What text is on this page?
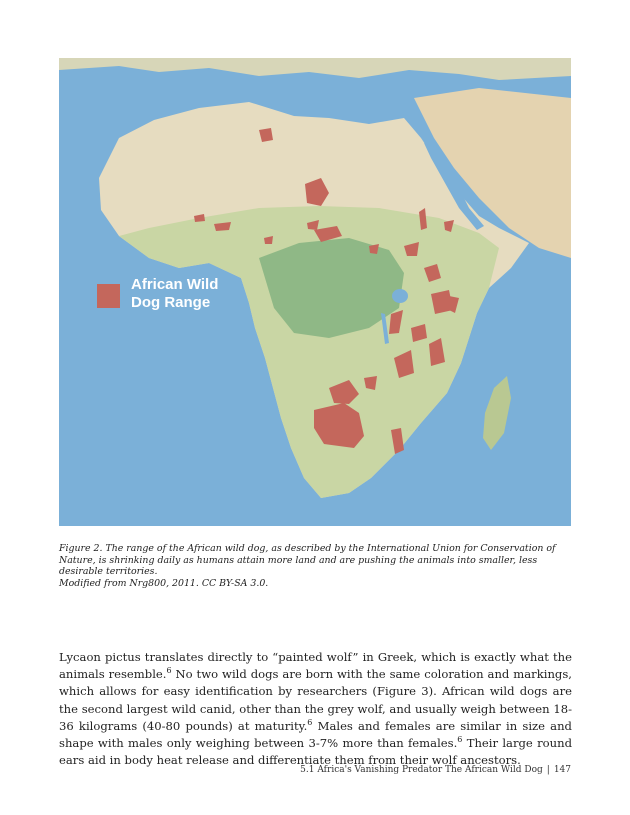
African Wild
Dog Range
Figure 2. The range of the African wild dog, as described by the International Union for Conservation of Nature, is shrinking daily as humans attain more land and are pushing the animals into smaller, less desirable territories.
Modified from Nrg800, 2011. CC BY-SA 3.0.
Lycaon pictus translates directly to “painted wolf” in Greek, which is exactly what the animals resemble.$^6$ No two wild dogs are born with the same coloration and markings, which allows for easy identification by researchers (Figure 3). African wild dogs are the second largest wild canid, other than the grey wolf, and usually weigh between 18-36 kilograms (40-80 pounds) at maturity.$^6$ Males and females are similar in size and shape with males only weighing between 3-7% more than females.$^6$ Their large round ears aid in body heat release and differentiate them from their wolf ancestors.
5.1 Africa's Vanishing Predator The African Wild Dog | 147
